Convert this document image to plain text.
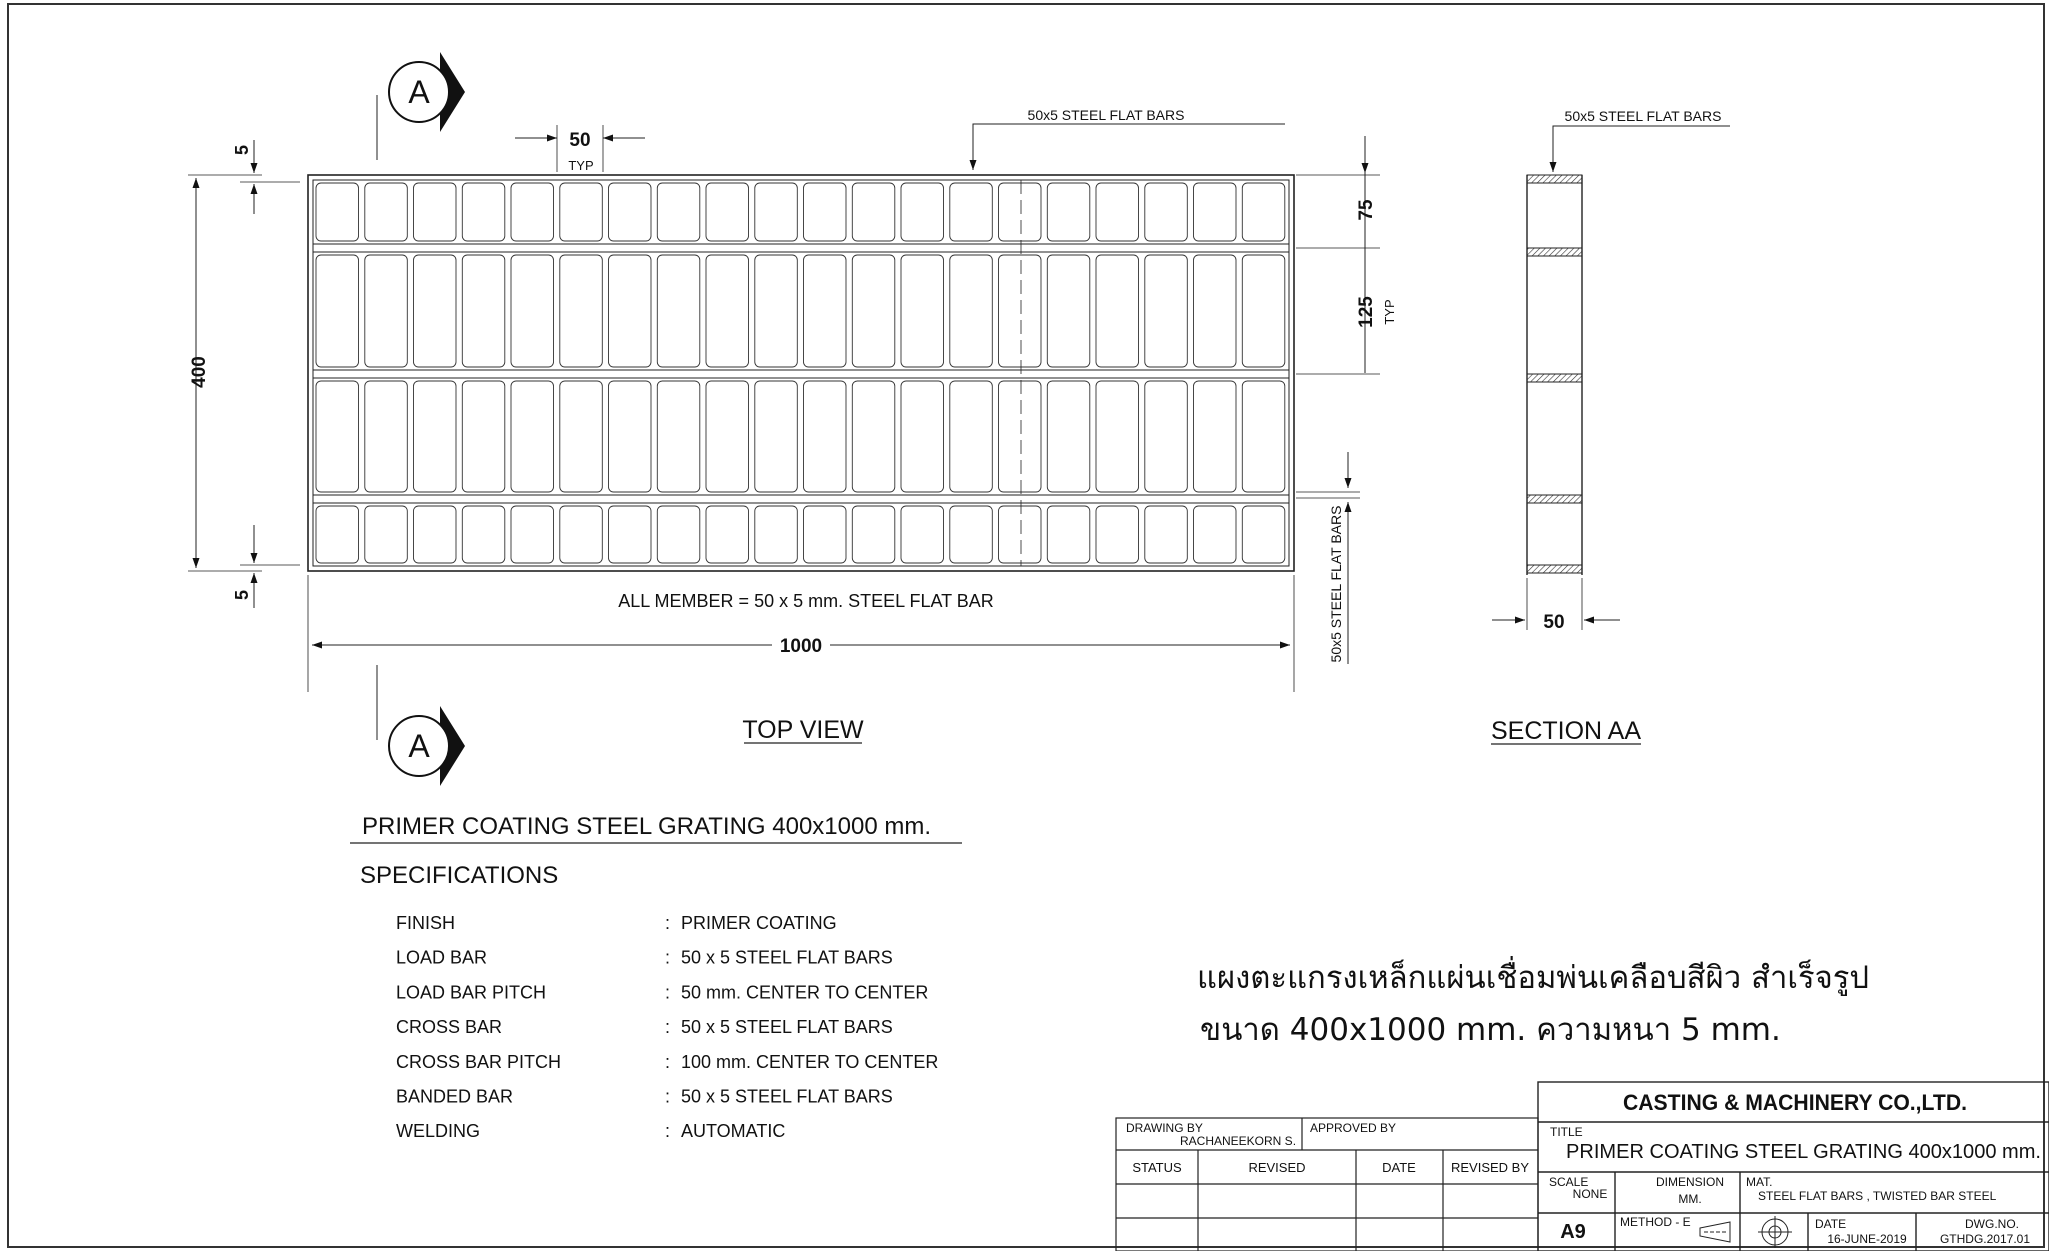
50
TYP
50x5 STEEL FLAT BARS
400
5
5
75
125 TYP
50x5 STEEL FLAT BARS
ALL MEMBER = 50 x 5 mm. STEEL FLAT BAR
1000
A
A	TOP VIEW
50x5 STEEL FLAT BARS
50
SECTION AA
PRIMER COATING STEEL GRATING 400x1000 mm.
SPECIFICATIONS
FINISH	: PRIMER COATING
LOAD BAR	: 50 x 5 STEEL FLAT BARS
LOAD BAR PITCH	: 50 mm. CENTER TO CENTER
CROSS BAR	: 50 x 5 STEEL FLAT BARS
CROSS BAR PITCH	: 100 mm. CENTER TO CENTER
BANDED BAR	: 50 x 5 STEEL FLAT BARS
WELDING	: AUTOMATIC
แผงตะแกรงเหล็กแผ่นเชื่อมพ่นเคลือบสีผิว สำเร็จรูป
ขนาด 400x1000 mm. ความหนา 5 mm.
DRAWING BY
RACHANEEKORN S.
APPROVED BY
STATUS	REVISED	DATE	REVISED BY
CASTING & MACHINERY CO.,LTD.
TITLE
PRIMER COATING STEEL GRATING 400x1000 mm.
SCALE
NONE
DIMENSION
MM.
MAT.
STEEL FLAT BARS , TWISTED BAR STEEL
A9	METHOD - E	DATE
16-JUNE-2019
DWG.NO.
GTHDG.2017.01
